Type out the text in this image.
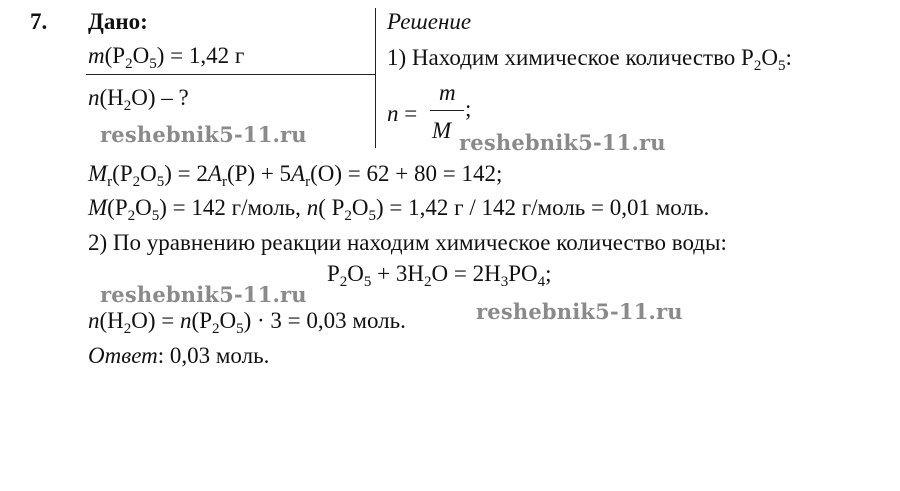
7. Дано:	Решение
$m(P_2O_5) = 1,42$ г
$n(H_2O)$ – ?
1) Находим химическое количество $P_2O_5$:
n =
m
M
;
reshebnik5-11.ru	reshebnik5-11.ru
$M_r(P_2O_5) = 2A_r(P) + 5A_r(O) = 62 + 80 = 142$;
$M(P_2O_5) = 142$ г/моль, n( $P_2O_5) = 1,42$ г / 142 г/моль = 0,01 моль.
2) По уравнению реакции находим химическое количество воды:
$P_2O_5 + 3H_2O = 2H_3PO_4$;
reshebnik5-11.ru
$n(H_2O) = n(P_2O_5) \cdot 3 = 0,03$ моль.	reshebnik5-11.ru
Ответ: 0,03 моль.
